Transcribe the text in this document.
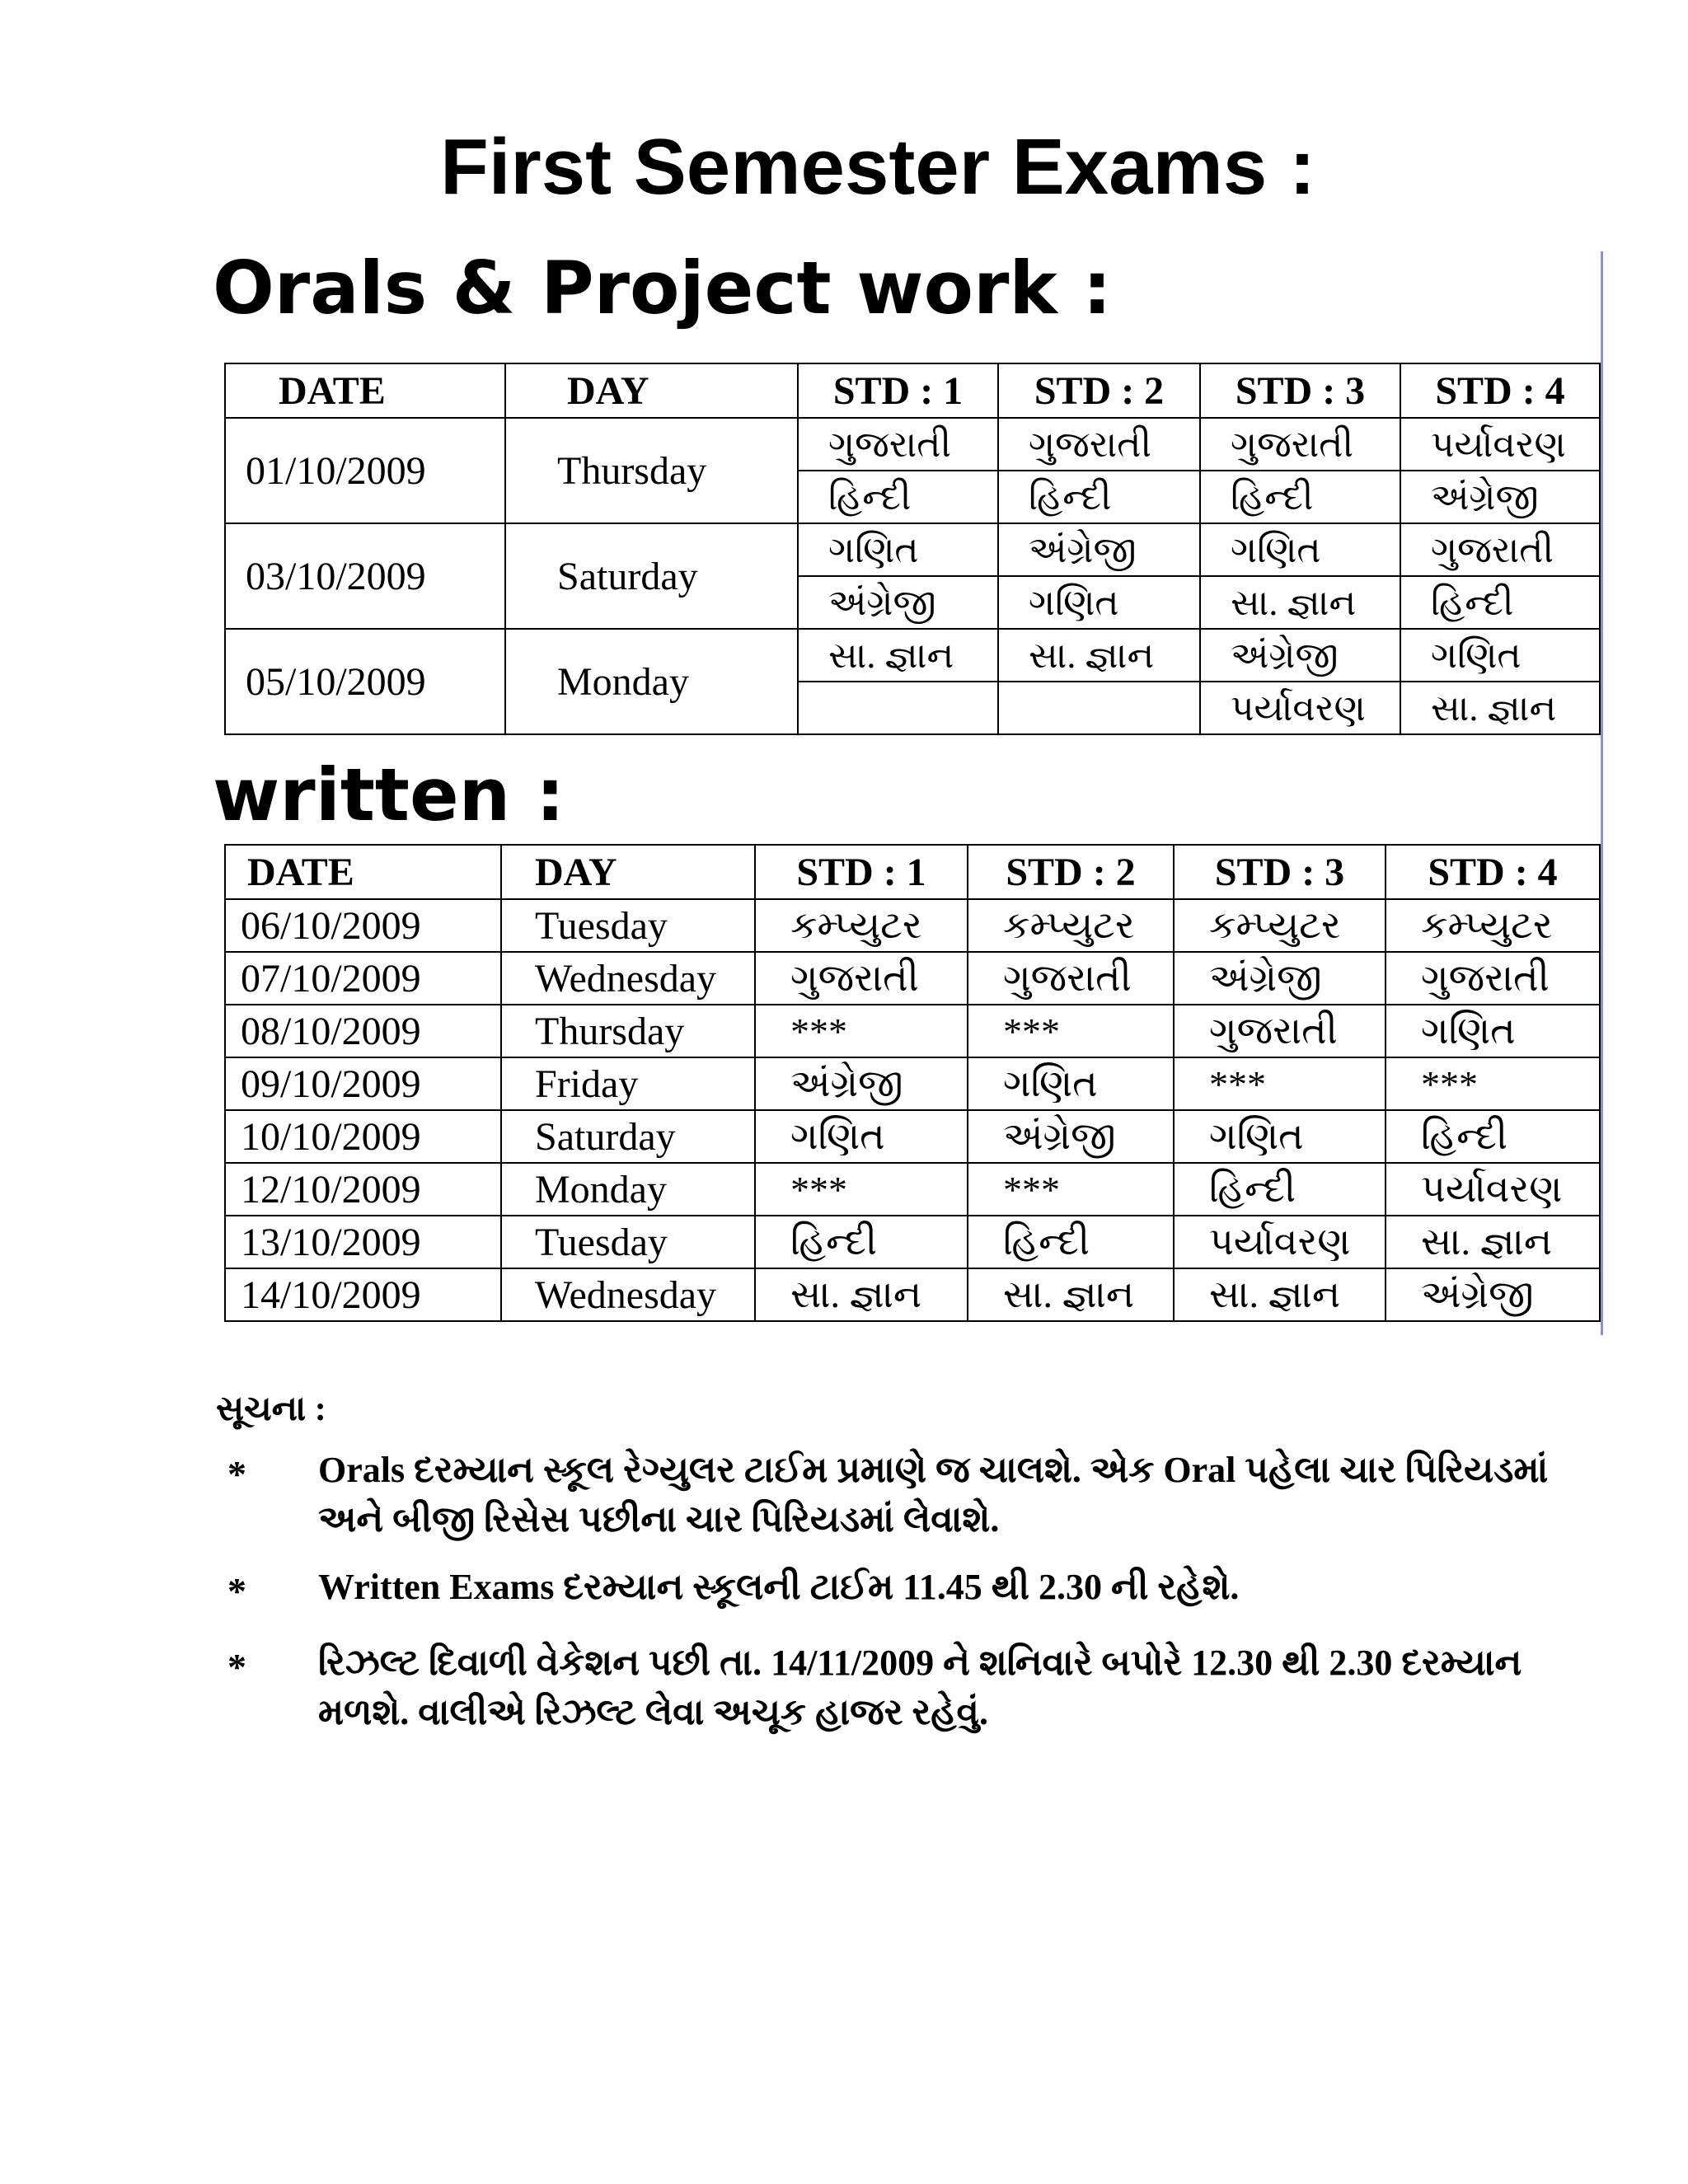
First Semester Exams :
Orals & Project work :
DATE	DAY	STD : 1	STD : 2	STD : 3	STD : 4
01/10/2009	Thursday	ગુજરાતી	ગુજરાતી	ગુજરાતી	પર્યાવરણ
		હિન્દી	હિન્દી	હિન્દી	અંગ્રેજી
03/10/2009	Saturday	ગણિત	અંગ્રેજી	ગણિત	ગુજરાતી
		અંગ્રેજી	ગણિત	સા. જ્ઞાન	હિન્દી
05/10/2009	Monday	સા. જ્ઞાન	સા. જ્ઞાન	અંગ્રેજી	ગણિત
				પર્યાવરણ	સા. જ્ઞાન
written :
DATE	DAY	STD : 1	STD : 2	STD : 3	STD : 4
06/10/2009	Tuesday	કમ્પ્યુટર	કમ્પ્યુટર	કમ્પ્યુટર	કમ્પ્યુટર
07/10/2009	Wednesday	ગુજરાતી	ગુજરાતી	અંગ્રેજી	ગુજરાતી
08/10/2009	Thursday	***	***	ગુજરાતી	ગણિત
09/10/2009	Friday	અંગ્રેજી	ગણિત	***	***
10/10/2009	Saturday	ગણિત	અંગ્રેજી	ગણિત	હિન્દી
12/10/2009	Monday	***	***	હિન્દી	પર્યાવરણ
13/10/2009	Tuesday	હિન્દી	હિન્દી	પર્યાવરણ	સા. જ્ઞાન
14/10/2009	Wednesday	સા. જ્ઞાન	સા. જ્ઞાન	સા. જ્ઞાન	અંગ્રેજી
સૂચના :
*	Orals દરમ્યાન સ્કૂલ રેગ્યુલર ટાઈમ પ્રમાણે જ ચાલશે. એક Oral પહેલા ચાર પિરિયડમાં અને બીજી રિસેસ પછીના ચાર પિરિયડમાં લેવાશે.
*	Written Exams દરમ્યાન સ્કૂલની ટાઈમ 11.45 થી 2.30 ની રહેશે.
*	રિઝલ્ટ દિવાળી વેકેશન પછી તા. 14/11/2009 ને શનિવારે બપોરે 12.30 થી 2.30 દરમ્યાન મળશે. વાલીએ રિઝલ્ટ લેવા અચૂક હાજર રહેવું.
